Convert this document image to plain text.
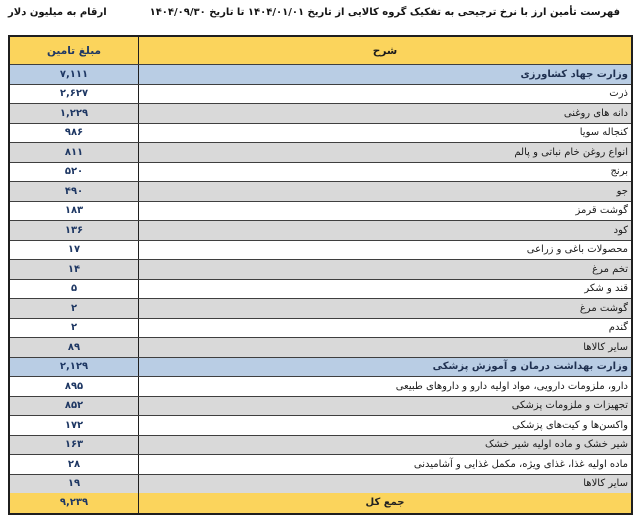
فهرست تأمین ارز با نرخ ترجیحی به تفکیک گروه کالایی از تاریخ ۱۴۰۴/۰۱/۰۱ تا تاریخ ۱۴۰۴/۰۹/۳۰
ارقام به میلیون دلار
شرح
مبلغ تامین
وزارت جهاد کشاورزی
۷,۱۱۱
ذرت
۲,۶۲۷
دانه های روغنی
۱,۲۲۹
کنجاله سویا
۹۸۶
انواع روغن خام نباتی و پالم
۸۱۱
برنج
۵۲۰
جو
۴۹۰
گوشت قرمز
۱۸۳
کود
۱۳۶
محصولات باغی و زراعی
۱۷
تخم مرغ
۱۴
قند و شکر
۵
گوشت مرغ
۲
گندم
۲
سایر کالاها
۸۹
وزارت بهداشت درمان و آموزش پزشکی
۲,۱۲۹
دارو، ملزومات دارویی، مواد اولیه دارو و داروهای طبیعی
۸۹۵
تجهیزات و ملزومات پزشکی
۸۵۲
واکسن‌ها و کیت‌های پزشکی
۱۷۲
شیر خشک و ماده اولیه شیر خشک
۱۶۳
ماده اولیه غذا، غذای ویژه، مکمل غذایی و آشامیدنی
۲۸
سایر کالاها
۱۹
جمع کل
۹,۲۳۹
